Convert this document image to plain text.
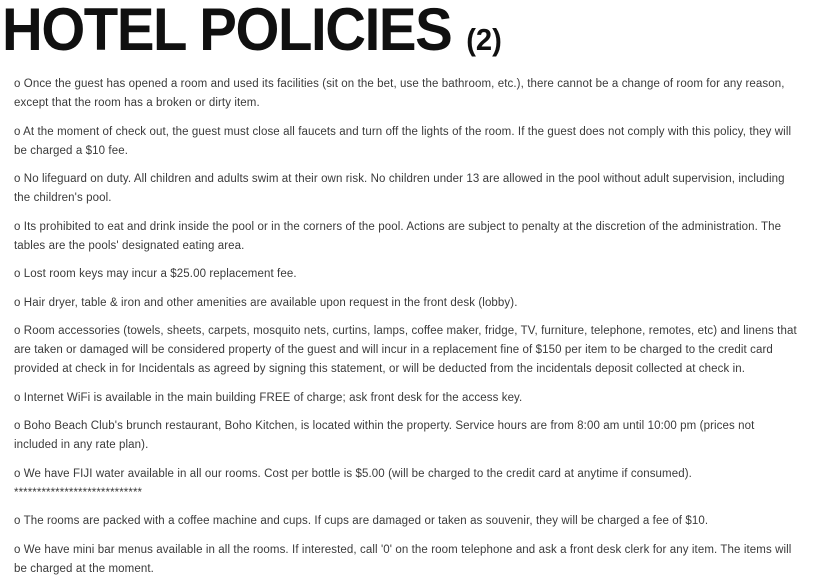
HOTEL POLICIES (2)

o Once the guest has opened a room and used its facilities (sit on the bet, use the bathroom, etc.), there cannot be a change of room for any reason, except that the room has a broken or dirty item.

o At the moment of check out, the guest must close all faucets and turn off the lights of the room. If the guest does not comply with this policy, they will be charged a $10 fee.

o No lifeguard on duty. All children and adults swim at their own risk. No children under 13 are allowed in the pool without adult supervision, including the children's pool.

o Its prohibited to eat and drink inside the pool or in the corners of the pool. Actions are subject to penalty at the discretion of the administration. The tables are the pools' designated eating area.

o Lost room keys may incur a $25.00 replacement fee.

o Hair dryer, table & iron and other amenities are available upon request in the front desk (lobby).

o Room accessories (towels, sheets, carpets, mosquito nets, curtins, lamps, coffee maker, fridge, TV, furniture, telephone, remotes, etc) and linens that are taken or damaged will be considered property of the guest and will incur in a replacement fine of $150 per item to be charged to the credit card provided at check in for Incidentals as agreed by signing this statement, or will be deducted from the incidentals deposit collected at check in.

o Internet WiFi is available in the main building FREE of charge; ask front desk for the access key.

o Boho Beach Club's brunch restaurant, Boho Kitchen, is located within the property. Service hours are from 8:00 am until 10:00 pm (prices not included in any rate plan).

o We have FIJI water available in all our rooms. Cost per bottle is $5.00 (will be charged to the credit card at anytime if consumed). ****************************

o The rooms are packed with a coffee machine and cups. If cups are damaged or taken as souvenir, they will be charged a fee of $10.

o We have mini bar menus available in all the rooms. If interested, call '0' on the room telephone and ask a front desk clerk for any item. The items will be charged at the moment.
